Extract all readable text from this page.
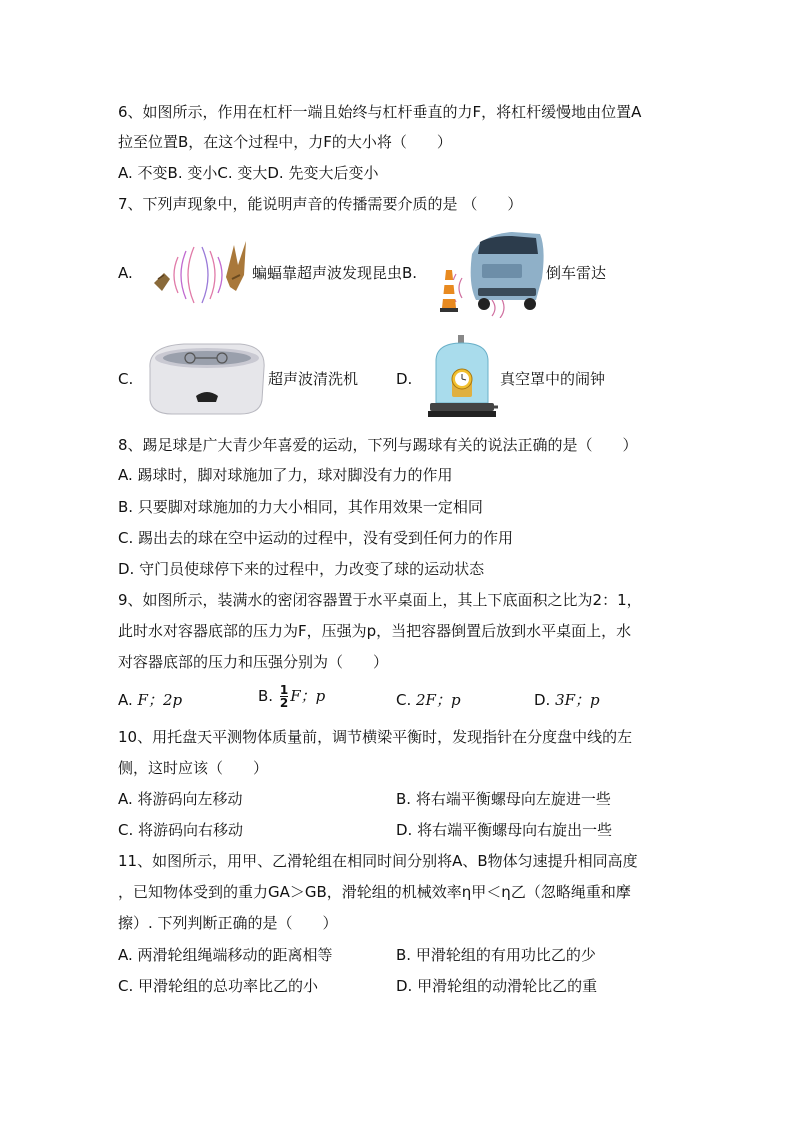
6、如图所示，作用在杠杆一端且始终与杠杆垂直的力F，将杠杆缓慢地由位置A
拉至位置B，在这个过程中，力F的大小将（　　）
A. 不变B. 变小C. 变大D. 先变大后变小
7、下列声现象中，能说明声音的传播需要介质的是 （　　）
A.	蝙蝠靠超声波发现昆虫B.	倒车雷达
C.	超声波清洗机	D.	真空罩中的闹钟
8、踢足球是广大青少年喜爱的运动，下列与踢球有关的说法正确的是（　　）
A. 踢球时，脚对球施加了力，球对脚没有力的作用
B. 只要脚对球施加的力大小相同，其作用效果一定相同
C. 踢出去的球在空中运动的过程中，没有受到任何力的作用
D. 守门员使球停下来的过程中，力改变了球的运动状态
9、如图所示，装满水的密闭容器置于水平桌面上，其上下底面积之比为2：1，
此时水对容器底部的压力为F，压强为p，当把容器倒置后放到水平桌面上，水
对容器底部的压力和压强分别为（　　）
A. F；2p	B. $\frac{1}{2}$ F；p	C. 2F；p	D. 3F；p
10、用托盘天平测物体质量前，调节横梁平衡时，发现指针在分度盘中线的左
侧，这时应该（　　）
A. 将游码向左移动	B. 将右端平衡螺母向左旋进一些
C. 将游码向右移动	D. 将右端平衡螺母向右旋出一些
11、如图所示，用甲、乙滑轮组在相同时间分别将A、B物体匀速提升相同高度
，已知物体受到的重力GA＞GB，滑轮组的机械效率η甲＜η乙（忽略绳重和摩
擦）. 下列判断正确的是（　　）
A. 两滑轮组绳端移动的距离相等	B. 甲滑轮组的有用功比乙的少
C. 甲滑轮组的总功率比乙的小	D. 甲滑轮组的动滑轮比乙的重
